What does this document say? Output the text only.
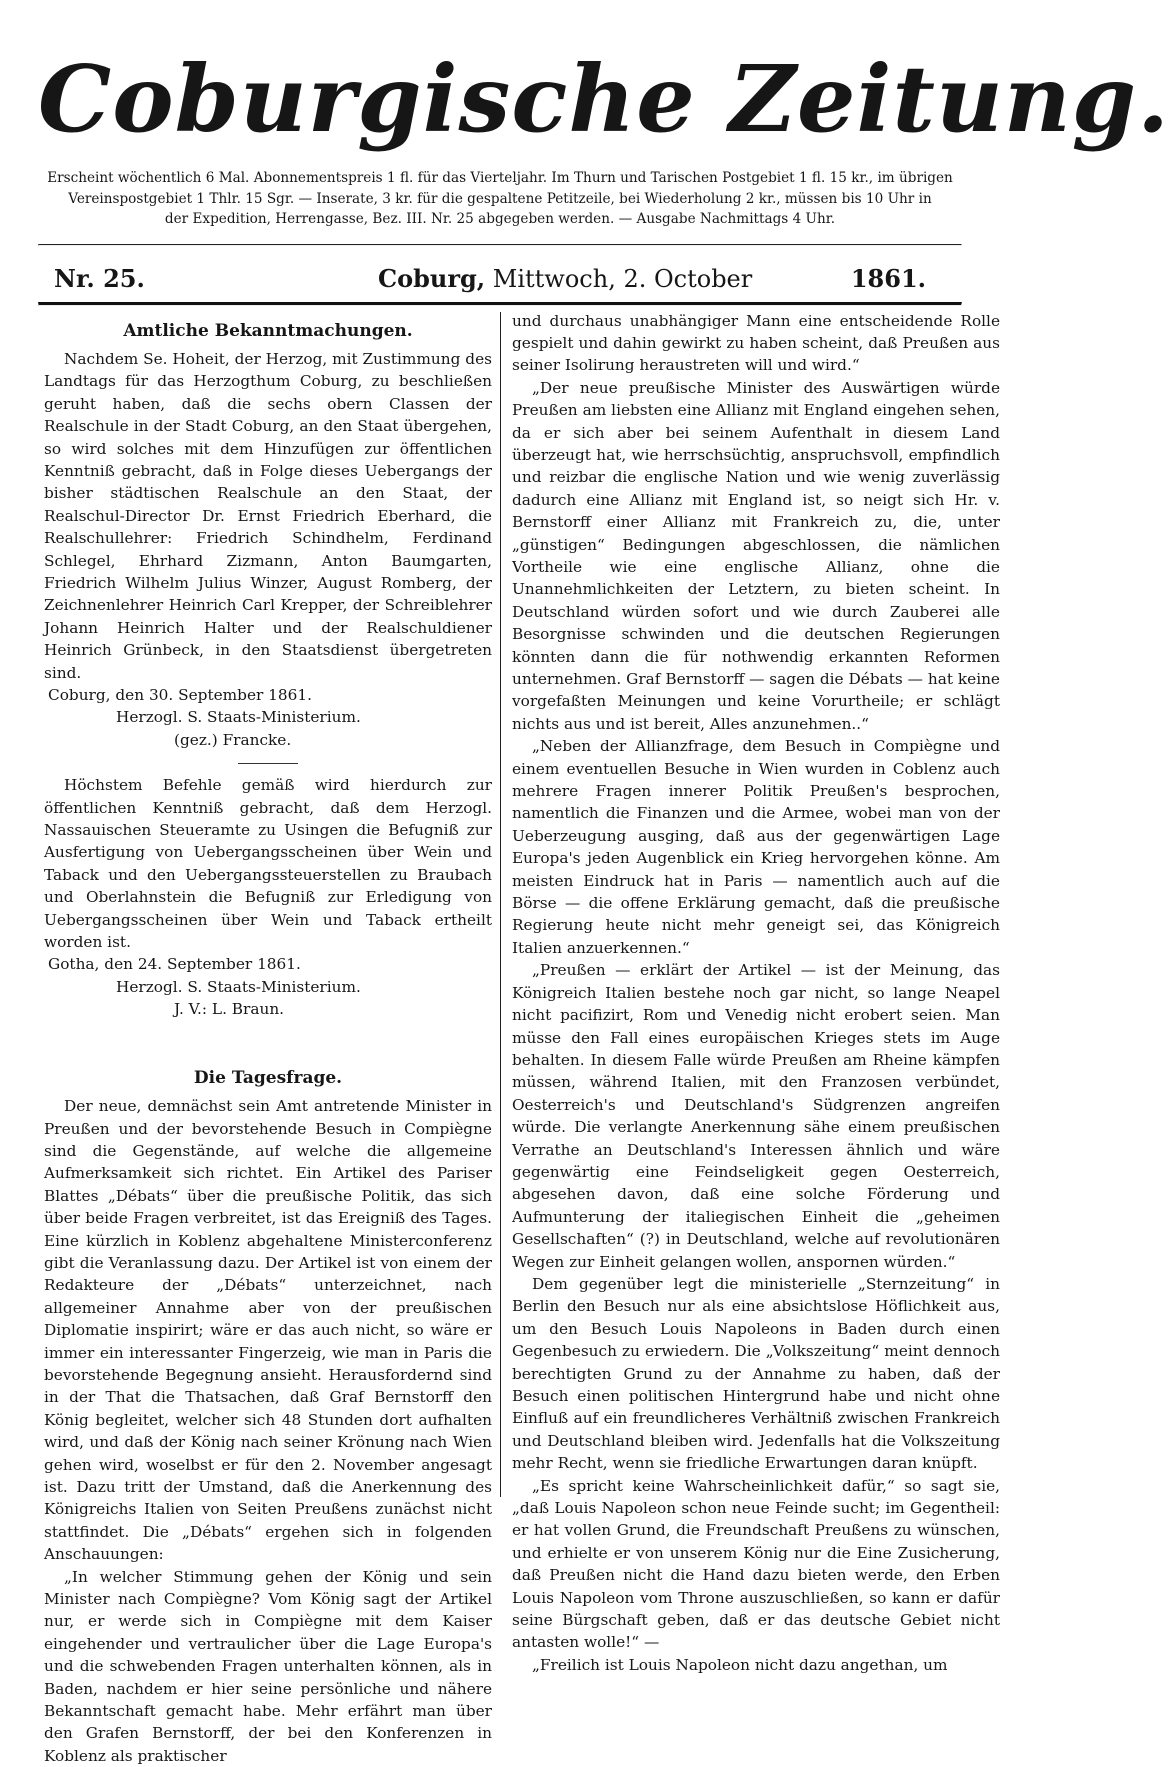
Coburgische Zeitung.
Erscheint wöchentlich 6 Mal. Abonnementspreis 1 fl. für das Vierteljahr. Im Thurn und Tarischen Postgebiet 1 fl. 15 kr., im übrigen
Vereinspostgebiet 1 Thlr. 15 Sgr. — Inserate, 3 kr. für die gespaltene Petitzeile, bei Wiederholung 2 kr., müssen bis 10 Uhr in
der Expedition, Herrengasse, Bez. III. Nr. 25 abgegeben werden. — Ausgabe Nachmittags 4 Uhr.
Nr. 25.	Coburg, Mittwoch, 2. October	1861.
Amtliche Bekanntmachungen.

Nachdem Se. Hoheit, der Herzog, mit Zustimmung des Landtags für das Herzogthum Coburg, zu beschließen geruht haben, daß die sechs obern Classen der Realschule in der Stadt Coburg, an den Staat übergehen, so wird solches mit dem Hinzufügen zur öffentlichen Kenntniß gebracht, daß in Folge dieses Uebergangs der bisher städtischen Realschule an den Staat, der Realschul-Director Dr. Ernst Friedrich Eberhard, die Realschullehrer: Friedrich Schindhelm, Ferdinand Schlegel, Ehrhard Zizmann, Anton Baumgarten, Friedrich Wilhelm Julius Winzer, August Romberg, der Zeichnenlehrer Heinrich Carl Krepper, der Schreiblehrer Johann Heinrich Halter und der Realschuldiener Heinrich Grünbeck, in den Staatsdienst übergetreten sind.

Coburg, den 30. September 1861.

Herzogl. S. Staats-Ministerium.

(gez.) Francke.

Höchstem Befehle gemäß wird hierdurch zur öffentlichen Kenntniß gebracht, daß dem Herzogl. Nassauischen Steueramte zu Usingen die Befugniß zur Ausfertigung von Uebergangsscheinen über Wein und Taback und den Uebergangssteuerstellen zu Braubach und Oberlahnstein die Befugniß zur Erledigung von Uebergangsscheinen über Wein und Taback ertheilt worden ist.

Gotha, den 24. September 1861.

Herzogl. S. Staats-Ministerium.

J. V.: L. Braun.

Die Tagesfrage.

Der neue, demnächst sein Amt antretende Minister in Preußen und der bevorstehende Besuch in Compiègne sind die Gegenstände, auf welche die allgemeine Aufmerksamkeit sich richtet. Ein Artikel des Pariser Blattes „Débats“ über die preußische Politik, das sich über beide Fragen verbreitet, ist das Ereigniß des Tages. Eine kürzlich in Koblenz abgehaltene Ministerconferenz gibt die Veranlassung dazu. Der Artikel ist von einem der Redakteure der „Débats“ unterzeichnet, nach allgemeiner Annahme aber von der preußischen Diplomatie inspirirt; wäre er das auch nicht, so wäre er immer ein interessanter Fingerzeig, wie man in Paris die bevorstehende Begegnung ansieht. Herausfordernd sind in der That die Thatsachen, daß Graf Bernstorff den König begleitet, welcher sich 48 Stunden dort aufhalten wird, und daß der König nach seiner Krönung nach Wien gehen wird, woselbst er für den 2. November angesagt ist. Dazu tritt der Umstand, daß die Anerkennung des Königreichs Italien von Seiten Preußens zunächst nicht stattfindet. Die „Débats“ ergehen sich in folgenden Anschauungen:

„In welcher Stimmung gehen der König und sein Minister nach Compiègne? Vom König sagt der Artikel nur, er werde sich in Compiègne mit dem Kaiser eingehender und vertraulicher über die Lage Europa's und die schwebenden Fragen unterhalten können, als in Baden, nachdem er hier seine persönliche und nähere Bekanntschaft gemacht habe. Mehr erfährt man über den Grafen Bernstorff, der bei den Konferenzen in Koblenz als praktischer

und durchaus unabhängiger Mann eine entscheidende Rolle gespielt und dahin gewirkt zu haben scheint, daß Preußen aus seiner Isolirung heraustreten will und wird.“

„Der neue preußische Minister des Auswärtigen würde Preußen am liebsten eine Allianz mit England eingehen sehen, da er sich aber bei seinem Aufenthalt in diesem Land überzeugt hat, wie herrschsüchtig, anspruchsvoll, empfindlich und reizbar die englische Nation und wie wenig zuverlässig dadurch eine Allianz mit England ist, so neigt sich Hr. v. Bernstorff einer Allianz mit Frankreich zu, die, unter „günstigen“ Bedingungen abgeschlossen, die nämlichen Vortheile wie eine englische Allianz, ohne die Unannehmlichkeiten der Letztern, zu bieten scheint. In Deutschland würden sofort und wie durch Zauberei alle Besorgnisse schwinden und die deutschen Regierungen könnten dann die für nothwendig erkannten Reformen unternehmen. Graf Bernstorff — sagen die Débats — hat keine vorgefaßten Meinungen und keine Vorurtheile; er schlägt nichts aus und ist bereit, Alles anzunehmen..“

„Neben der Allianzfrage, dem Besuch in Compiègne und einem eventuellen Besuche in Wien wurden in Coblenz auch mehrere Fragen innerer Politik Preußen's besprochen, namentlich die Finanzen und die Armee, wobei man von der Ueberzeugung ausging, daß aus der gegenwärtigen Lage Europa's jeden Augenblick ein Krieg hervorgehen könne. Am meisten Eindruck hat in Paris — namentlich auch auf die Börse — die offene Erklärung gemacht, daß die preußische Regierung heute nicht mehr geneigt sei, das Königreich Italien anzuerkennen.“

„Preußen — erklärt der Artikel — ist der Meinung, das Königreich Italien bestehe noch gar nicht, so lange Neapel nicht pacifizirt, Rom und Venedig nicht erobert seien. Man müsse den Fall eines europäischen Krieges stets im Auge behalten. In diesem Falle würde Preußen am Rheine kämpfen müssen, während Italien, mit den Franzosen verbündet, Oesterreich's und Deutschland's Südgrenzen angreifen würde. Die verlangte Anerkennung sähe einem preußischen Verrathe an Deutschland's Interessen ähnlich und wäre gegenwärtig eine Feindseligkeit gegen Oesterreich, abgesehen davon, daß eine solche Förderung und Aufmunterung der italiegischen Einheit die „geheimen Gesellschaften“ (?) in Deutschland, welche auf revolutionären Wegen zur Einheit gelangen wollen, anspornen würden.“

Dem gegenüber legt die ministerielle „Sternzeitung“ in Berlin den Besuch nur als eine absichtslose Höflichkeit aus, um den Besuch Louis Napoleons in Baden durch einen Gegenbesuch zu erwiedern. Die „Volkszeitung“ meint dennoch berechtigten Grund zu der Annahme zu haben, daß der Besuch einen politischen Hintergrund habe und nicht ohne Einfluß auf ein freundlicheres Verhältniß zwischen Frankreich und Deutschland bleiben wird. Jedenfalls hat die Volkszeitung mehr Recht, wenn sie friedliche Erwartungen daran knüpft.

„Es spricht keine Wahrscheinlichkeit dafür,“ so sagt sie, „daß Louis Napoleon schon neue Feinde sucht; im Gegentheil: er hat vollen Grund, die Freundschaft Preußens zu wünschen, und erhielte er von unserem König nur die Eine Zusicherung, daß Preußen nicht die Hand dazu bieten werde, den Erben Louis Napoleon vom Throne auszuschließen, so kann er dafür seine Bürgschaft geben, daß er das deutsche Gebiet nicht antasten wolle!“ —

„Freilich ist Louis Napoleon nicht dazu angethan, um
